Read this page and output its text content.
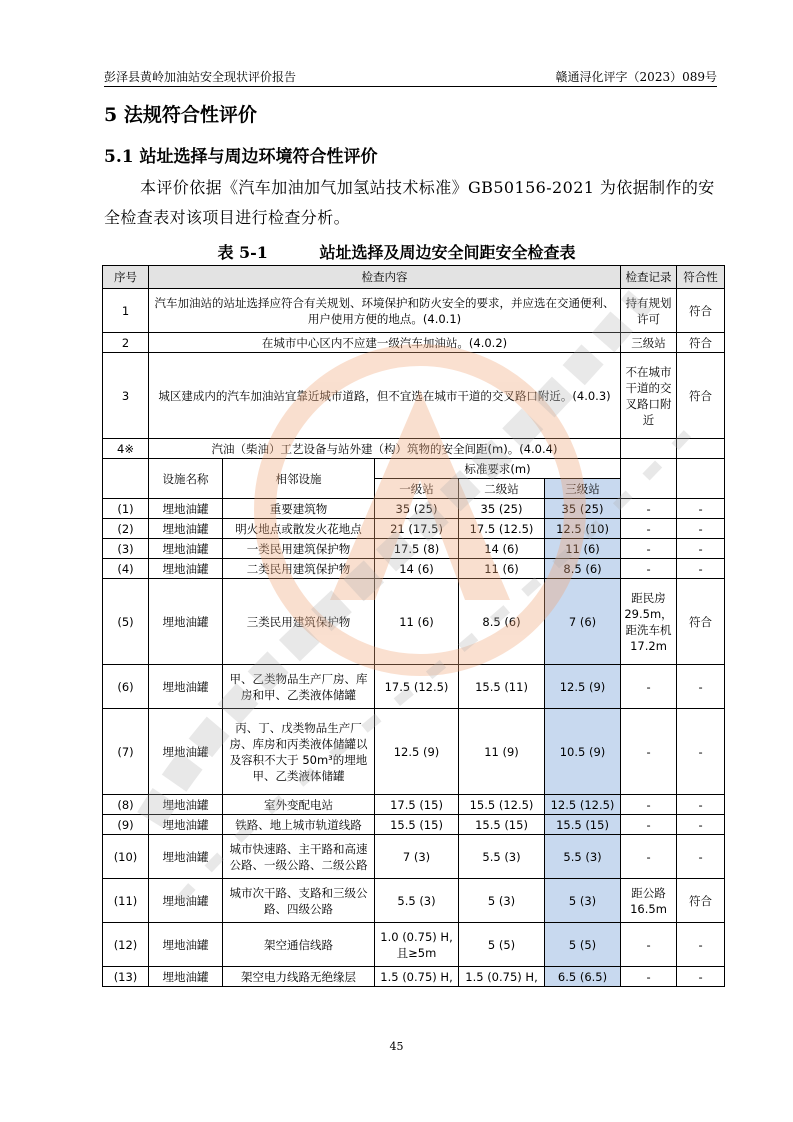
彭泽县黄岭加油站安全现状评价报告	赣通浔化评字（2023）089号
5 法规符合性评价
5.1 站址选择与周边环境符合性评价
本评价依据《汽车加油加气加氢站技术标准》GB50156-2021 为依据制作的安全检查表对该项目进行检查分析。
表 5-1	站址选择及周边安全间距安全检查表
序号	检查内容					检查记录	符合性
1	汽车加油站的站址选择应符合有关规划、环境保护和防火安全的要求，并应选在交通便利、用户使用方便的地点。(4.0.1)					持有规划许可	符合
2	在城市中心区内不应建一级汽车加油站。(4.0.2)					三级站	符合
3	城区建成内的汽车加油站宜靠近城市道路，但不宜选在城市干道的交叉路口附近。(4.0.3)					不在城市干道的交叉路口附近	符合
4※	汽油（柴油）工艺设备与站外建（构）筑物的安全间距(m)。(4.0.4)						
	设施名称	相邻设施	标准要求(m)				
			一级站	二级站	三级站		
(1)	埋地油罐	重要建筑物	35 (25)	35 (25)	35 (25)	-	-
(2)	埋地油罐	明火地点或散发火花地点	21 (17.5)	17.5 (12.5)	12.5 (10)	-	-
(3)	埋地油罐	一类民用建筑保护物	17.5 (8)	14 (6)	11 (6)	-	-
(4)	埋地油罐	二类民用建筑保护物	14 (6)	11 (6)	8.5 (6)	-	-
(5)	埋地油罐	三类民用建筑保护物	11 (6)	8.5 (6)	7 (6)	距民房29.5m，距洗车机17.2m	符合
(6)	埋地油罐	甲、乙类物品生产厂房、库房和甲、乙类液体储罐	17.5 (12.5)	15.5 (11)	12.5 (9)	-	-
(7)	埋地油罐	丙、丁、戊类物品生产厂房、库房和丙类液体储罐以及容积不大于 50m³的埋地甲、乙类液体储罐	12.5 (9)	11 (9)	10.5 (9)	-	-
(8)	埋地油罐	室外变配电站	17.5 (15)	15.5 (12.5)	12.5 (12.5)	-	-
(9)	埋地油罐	铁路、地上城市轨道线路	15.5 (15)	15.5 (15)	15.5 (15)	-	-
(10)	埋地油罐	城市快速路、主干路和高速公路、一级公路、二级公路	7 (3)	5.5 (3)	5.5 (3)	-	-
(11)	埋地油罐	城市次干路、支路和三级公路、四级公路	5.5 (3)	5 (3)	5 (3)	距公路16.5m	符合
(12)	埋地油罐	架空通信线路	1.0 (0.75) H,且≥5m	5 (5)	5 (5)	-	-
(13)	埋地油罐	架空电力线路无绝缘层	1.5 (0.75) H,	1.5 (0.75) H,	6.5 (6.5)	-	-
45
